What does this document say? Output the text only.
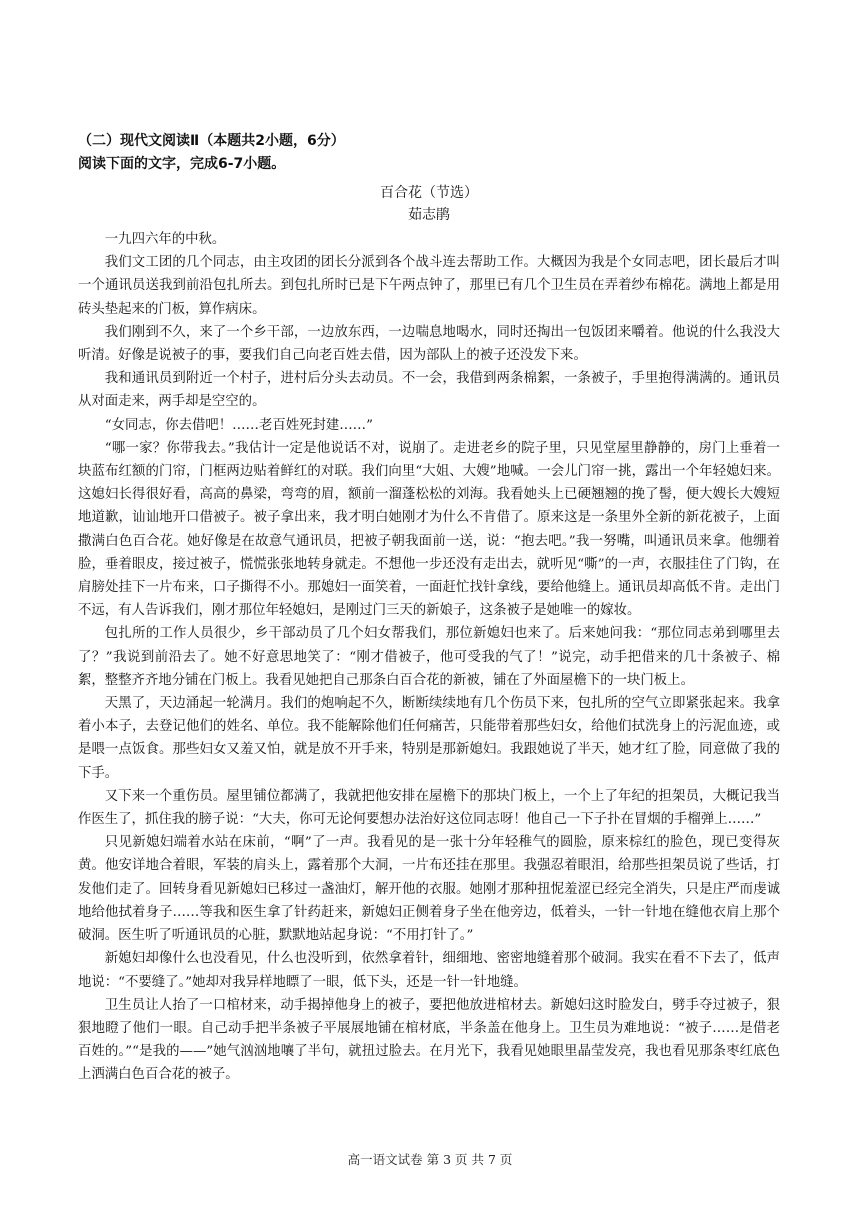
（二）现代文阅读Ⅱ（本题共2小题，6分）

阅读下面的文字，完成6-7小题。

百合花（节选）

茹志鹃

一九四六年的中秋。

我们文工团的几个同志，由主攻团的团长分派到各个战斗连去帮助工作。大概因为我是个女同志吧，团长最后才叫一个通讯员送我到前沿包扎所去。到包扎所时已是下午两点钟了，那里已有几个卫生员在弄着纱布棉花。满地上都是用砖头垫起来的门板，算作病床。

我们刚到不久，来了一个乡干部，一边放东西，一边喘息地喝水，同时还掏出一包饭团来嚼着。他说的什么我没大听清。好像是说被子的事，要我们自己向老百姓去借，因为部队上的被子还没发下来。

我和通讯员到附近一个村子，进村后分头去动员。不一会，我借到两条棉絮，一条被子，手里抱得满满的。通讯员从对面走来，两手却是空空的。

“女同志，你去借吧！……老百姓死封建……”

“哪一家？你带我去。”我估计一定是他说话不对，说崩了。走进老乡的院子里，只见堂屋里静静的，房门上垂着一块蓝布红额的门帘，门框两边贴着鲜红的对联。我们向里“大姐、大嫂”地喊。一会儿门帘一挑，露出一个年轻媳妇来。这媳妇长得很好看，高高的鼻梁，弯弯的眉，额前一溜蓬松松的刘海。我看她头上已硬翘翘的挽了髻，便大嫂长大嫂短地道歉，讪讪地开口借被子。被子拿出来，我才明白她刚才为什么不肯借了。原来这是一条里外全新的新花被子，上面撒满白色百合花。她好像是在故意气通讯员，把被子朝我面前一送，说：“抱去吧。”我一努嘴，叫通讯员来拿。他绷着脸，垂着眼皮，接过被子，慌慌张张地转身就走。不想他一步还没有走出去，就听见“嘶”的一声，衣服挂住了门钩，在肩膀处挂下一片布来，口子撕得不小。那媳妇一面笑着，一面赶忙找针拿线，要给他缝上。通讯员却高低不肯。走出门不远，有人告诉我们，刚才那位年轻媳妇，是刚过门三天的新娘子，这条被子是她唯一的嫁妆。

包扎所的工作人员很少，乡干部动员了几个妇女帮我们，那位新媳妇也来了。后来她问我：“那位同志弟到哪里去了？”我说到前沿去了。她不好意思地笑了：“刚才借被子，他可受我的气了！”说完，动手把借来的几十条被子、棉絮，整整齐齐地分铺在门板上。我看见她把自己那条白百合花的新被，铺在了外面屋檐下的一块门板上。

天黑了，天边涌起一轮满月。我们的炮响起不久，断断续续地有几个伤员下来，包扎所的空气立即紧张起来。我拿着小本子，去登记他们的姓名、单位。我不能解除他们任何痛苦，只能带着那些妇女，给他们拭洗身上的污泥血迹，或是喂一点饭食。那些妇女又羞又怕，就是放不开手来，特别是那新媳妇。我跟她说了半天，她才红了脸，同意做了我的下手。

又下来一个重伤员。屋里铺位都满了，我就把他安排在屋檐下的那块门板上，一个上了年纪的担架员，大概记我当作医生了，抓住我的膀子说：“大夫，你可无论何要想办法治好这位同志呀！他自己一下子扑在冒烟的手榴弹上……”

只见新媳妇端着水站在床前，“啊”了一声。我看见的是一张十分年轻稚气的圆脸，原来棕红的脸色，现已变得灰黄。他安详地合着眼，军装的肩头上，露着那个大洞，一片布还挂在那里。我强忍着眼泪，给那些担架员说了些话，打发他们走了。回转身看见新媳妇已移过一盏油灯，解开他的衣服。她刚才那种扭怩羞涩已经完全消失，只是庄严而虔诚地给他拭着身子……等我和医生拿了针药赶来，新媳妇正侧着身子坐在他旁边，低着头，一针一针地在缝他衣肩上那个破洞。医生听了听通讯员的心脏，默默地站起身说：“不用打针了。”

新媳妇却像什么也没看见，什么也没听到，依然拿着针，细细地、密密地缝着那个破洞。我实在看不下去了，低声地说：“不要缝了。”她却对我异样地瞟了一眼，低下头，还是一针一针地缝。

卫生员让人抬了一口棺材来，动手揭掉他身上的被子，要把他放进棺材去。新媳妇这时脸发白，劈手夺过被子，狠狠地瞪了他们一眼。自己动手把半条被子平展展地铺在棺材底，半条盖在他身上。卫生员为难地说：“被子……是借老百姓的。”“是我的——”她气汹汹地嚷了半句，就扭过脸去。在月光下，我看见她眼里晶莹发亮，我也看见那条枣红底色上洒满白色百合花的被子。

高一语文试卷 第 3 页 共 7 页
